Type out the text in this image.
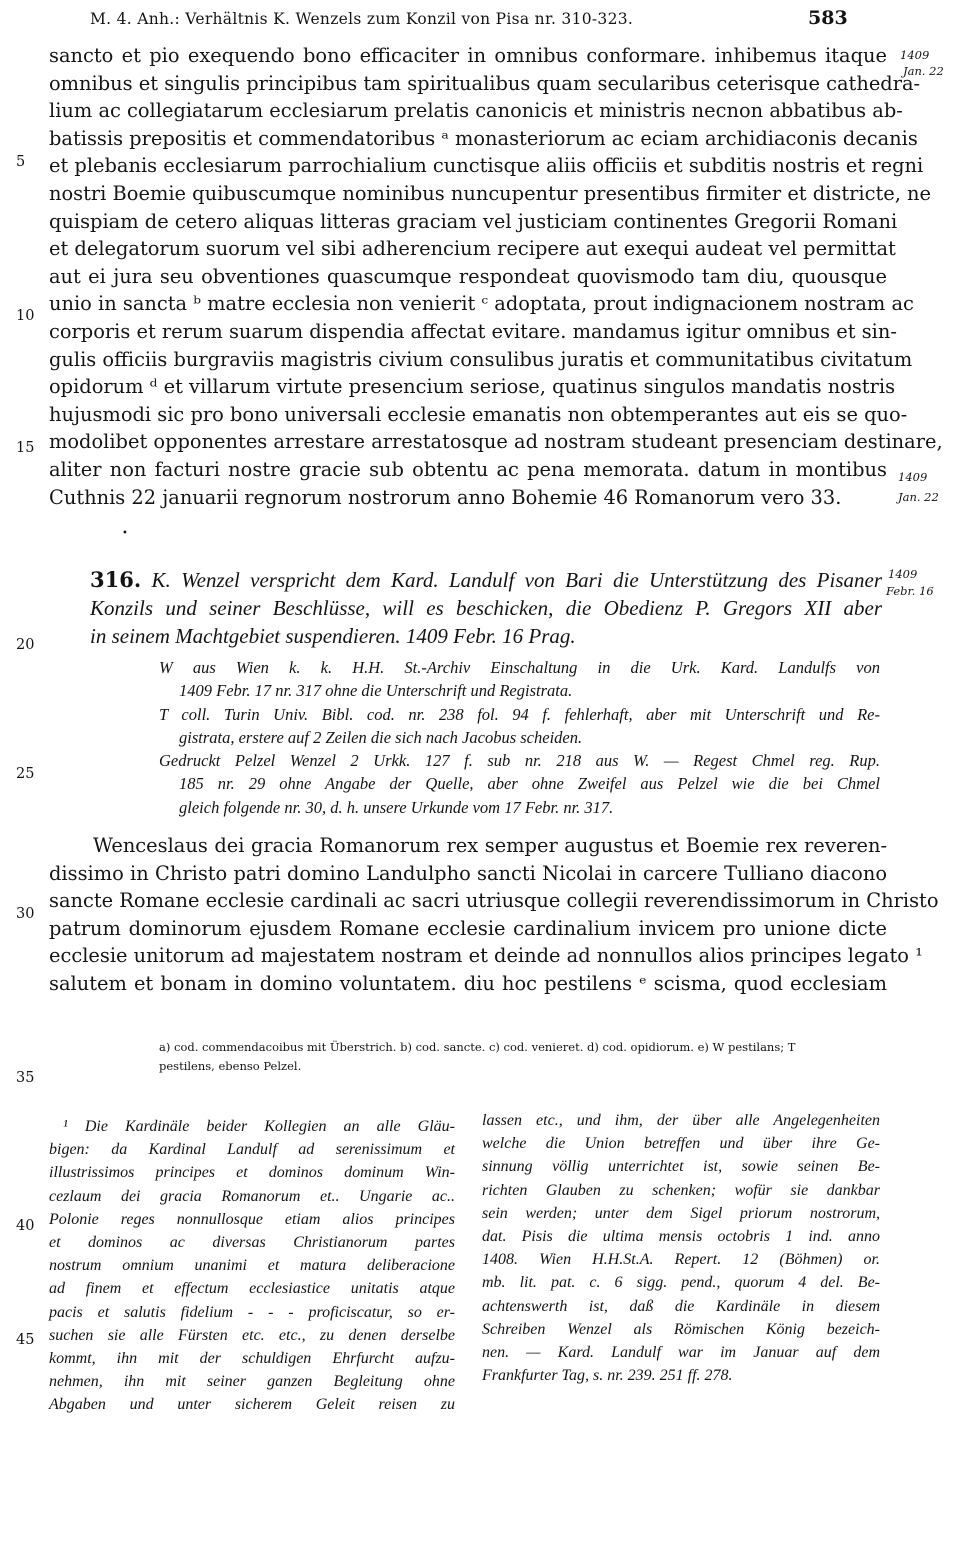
M. 4. Anh.: Verhältnis K. Wenzels zum Konzil von Pisa nr. 310-323.	583
1409
Jan. 22
1409
Jan. 22
1409
Febr. 16
5
10
15
20
25
30
35
40
45
sancto et pio exequendo bono efficaciter in omnibus conformare. inhibemus itaque
omnibus et singulis principibus tam spiritualibus quam secularibus ceterisque cathedra-
lium ac collegiatarum ecclesiarum prelatis canonicis et ministris necnon abbatibus ab-
batissis prepositis et commendatoribus ᵃ monasteriorum ac eciam archidiaconis decanis
et plebanis ecclesiarum parrochialium cunctisque aliis officiis et subditis nostris et regni
nostri Boemie quibuscumque nominibus nuncupentur presentibus firmiter et districte, ne
quispiam de cetero aliquas litteras graciam vel justiciam continentes Gregorii Romani
et delegatorum suorum vel sibi adherencium recipere aut exequi audeat vel permittat
aut ei jura seu obventiones quascumque respondeat quovismodo tam diu, quousque
unio in sancta ᵇ matre ecclesia non venierit ᶜ adoptata, prout indignacionem nostram ac
corporis et rerum suarum dispendia affectat evitare. mandamus igitur omnibus et sin-
gulis officiis burgraviis magistris civium consulibus juratis et communitatibus civitatum
opidorum ᵈ et villarum virtute presencium seriose, quatinus singulos mandatis nostris
hujusmodi sic pro bono universali ecclesie emanatis non obtemperantes aut eis se quo-
modolibet opponentes arrestare arrestatosque ad nostram studeant presenciam destinare,
aliter non facturi nostre gracie sub obtentu ac pena memorata. datum in montibus
Cuthnis 22 januarii regnorum nostrorum anno Bohemie 46 Romanorum vero 33.
•
316. K. Wenzel verspricht dem Kard. Landulf von Bari die Unterstützung des Pisaner
Konzils und seiner Beschlüsse, will es beschicken, die Obedienz P. Gregors XII aber
in seinem Machtgebiet suspendieren. 1409 Febr. 16 Prag.
W aus Wien k. k. H.H. St.-Archiv Einschaltung in die Urk. Kard. Landulfs von
1409 Febr. 17 nr. 317 ohne die Unterschrift und Registrata.
T coll. Turin Univ. Bibl. cod. nr. 238 fol. 94 f. fehlerhaft, aber mit Unterschrift und Re-
gistrata, erstere auf 2 Zeilen die sich nach Jacobus scheiden.
Gedruckt Pelzel Wenzel 2 Urkk. 127 f. sub nr. 218 aus W. — Regest Chmel reg. Rup.
185 nr. 29 ohne Angabe der Quelle, aber ohne Zweifel aus Pelzel wie die bei Chmel
gleich folgende nr. 30, d. h. unsere Urkunde vom 17 Febr. nr. 317.
Wenceslaus dei gracia Romanorum rex semper augustus et Boemie rex reveren-
dissimo in Christo patri domino Landulpho sancti Nicolai in carcere Tulliano diacono
sancte Romane ecclesie cardinali ac sacri utriusque collegii reverendissimorum in Christo
patrum dominorum ejusdem Romane ecclesie cardinalium invicem pro unione dicte
ecclesie unitorum ad majestatem nostram et deinde ad nonnullos alios principes legato ¹
salutem et bonam in domino voluntatem. diu hoc pestilens ᵉ scisma, quod ecclesiam
a) cod. commendacoibus mit Überstrich. b) cod. sancte. c) cod. venieret. d) cod. opidiorum. e) W pestilans; T
pestilens, ebenso Pelzel.
¹ Die Kardinäle beider Kollegien an alle Gläu-
bigen: da Kardinal Landulf ad serenissimum et
illustrissimos principes et dominos dominum Win-
cezlaum dei gracia Romanorum et.. Ungarie ac..
Polonie reges nonnullosque etiam alios principes
et dominos ac diversas Christianorum partes
nostrum omnium unanimi et matura deliberacione
ad finem et effectum ecclesiastice unitatis atque
pacis et salutis fidelium - - - proficiscatur, so er-
suchen sie alle Fürsten etc. etc., zu denen derselbe
kommt, ihn mit der schuldigen Ehrfurcht aufzu-
nehmen, ihn mit seiner ganzen Begleitung ohne
Abgaben und unter sicherem Geleit reisen zu
lassen etc., und ihm, der über alle Angelegenheiten
welche die Union betreffen und über ihre Ge-
sinnung völlig unterrichtet ist, sowie seinen Be-
richten Glauben zu schenken; wofür sie dankbar
sein werden; unter dem Sigel priorum nostrorum,
dat. Pisis die ultima mensis octobris 1 ind. anno
1408. Wien H.H.St.A. Repert. 12 (Böhmen) or.
mb. lit. pat. c. 6 sigg. pend., quorum 4 del. Be-
achtenswerth ist, daß die Kardinäle in diesem
Schreiben Wenzel als Römischen König bezeich-
nen. — Kard. Landulf war im Januar auf dem
Frankfurter Tag, s. nr. 239. 251 ff. 278.
